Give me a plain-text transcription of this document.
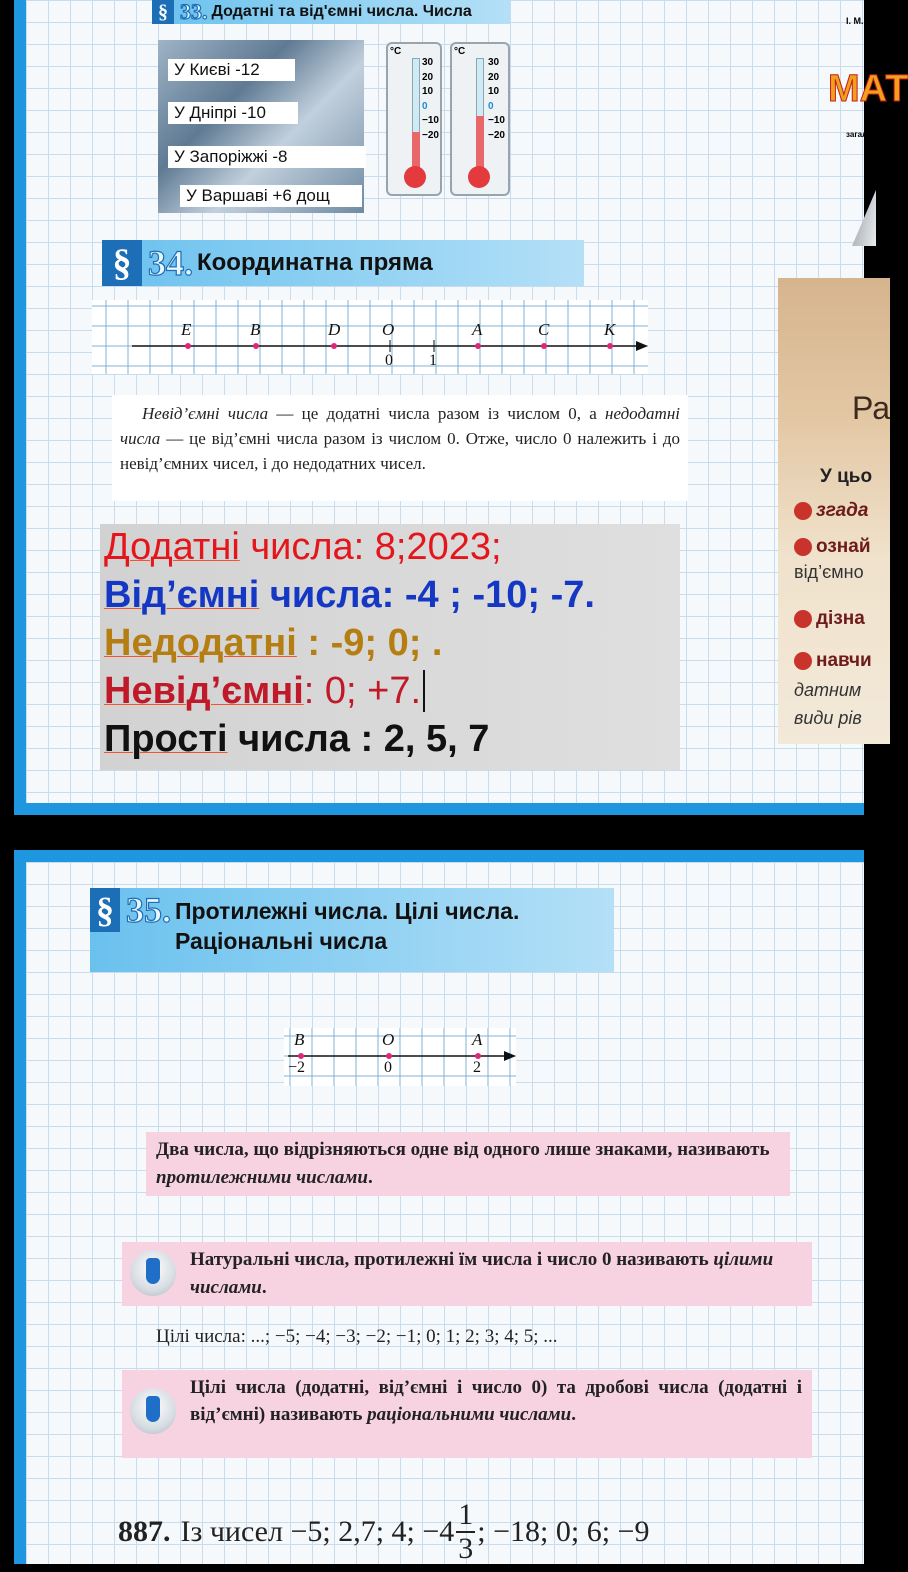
§ 33. Додатні та від'ємні числа. Числа
У Києві -12
У Дніпрі -10
У Запоріжжі -8
У Варшаві +6 дощ
°C
30
20
10
0
−10
−20
°C
30
20
10
0
−10
−20
§ 34. Координатна пряма
E	B	D O	A	C	K
0 1
Невід’ємні числа — це додатні числа разом із числом 0, а недодатні числа — це від’ємні числа разом із числом 0. Отже, число 0 належить і до невід’ємних чисел, і до недодатних чисел.
Додатні числа: 8;2023;
Від’ємні числа: -4 ; -10; -7.
Недодатні : -9; 0; .
Невід’ємні: 0; +7.
Прості числа : 2, 5, 7
І. М. Б
МАТ
загаль
Ра
У цьо
згада
ознай
від’ємно
дізна
навчи
датним
види рів
§ 35. Протилежні числа. Цілі числа.
Раціональні числа
B	O	A
−2	0	2
Два числа, що відрізняються одне від одного лише знаками, називають протилежними числами.
Натуральні числа, протилежні їм числа і число 0 називають цілими числами.
Цілі числа: ...; −5; −4; −3; −2; −1; 0; 1; 2; 3; 4; 5; ...
Цілі числа (додатні, від’ємні і число 0) та дробові числа (додатні і від’ємні) називають раціональними числами.
887. Із чисел −5; 2,7; 4; −4
1
3
; −18; 0; 6; −9
